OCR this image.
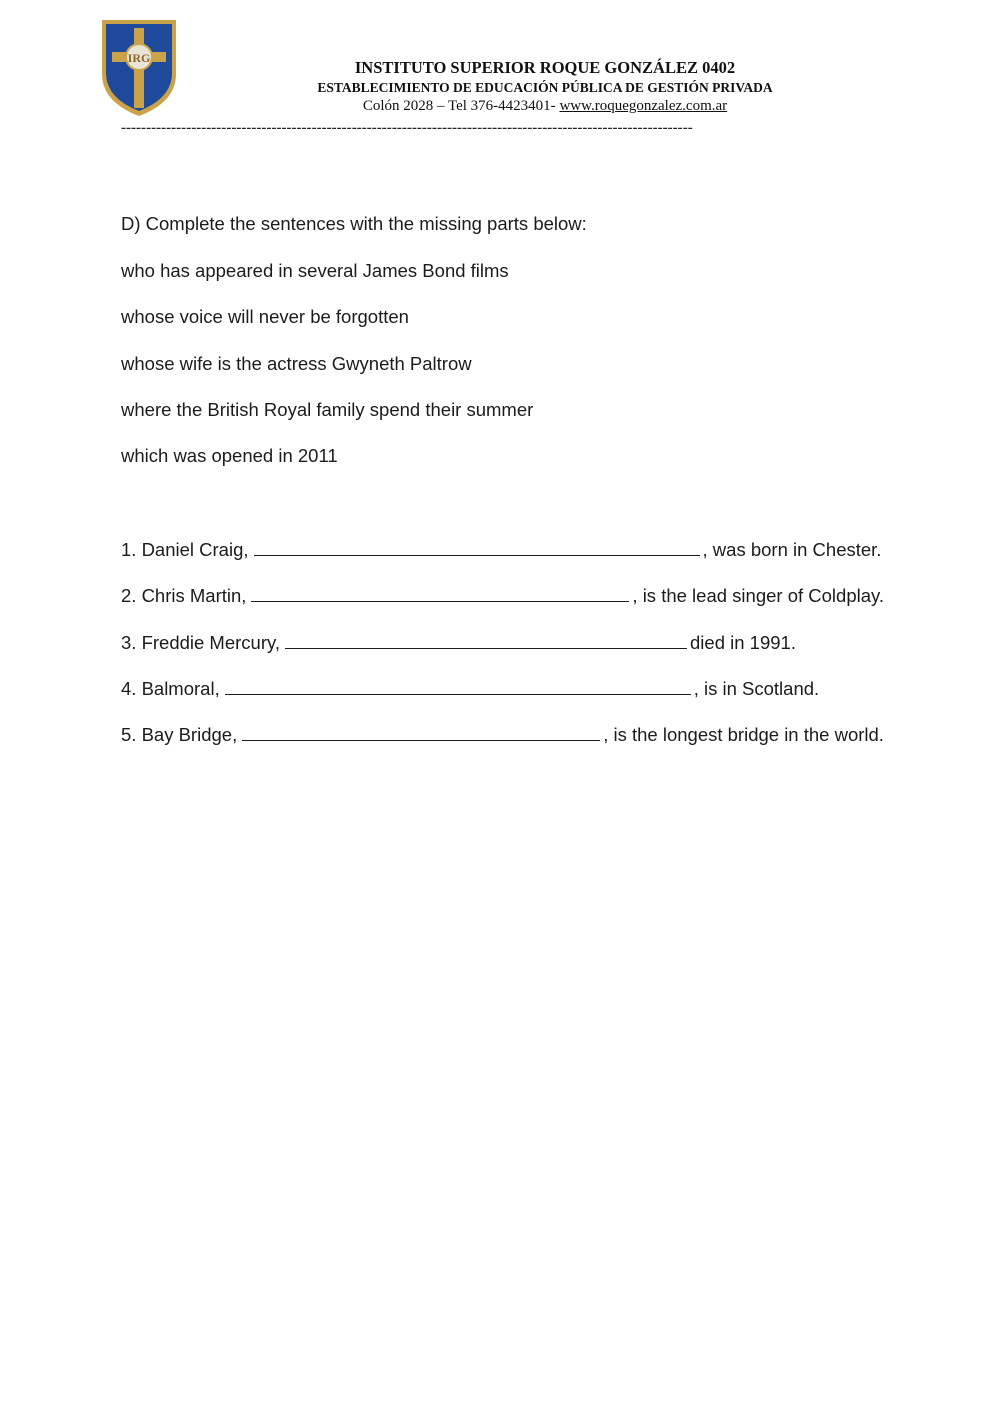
IRG	INSTITUTO SUPERIOR ROQUE GONZÁLEZ 0402
ESTABLECIMIENTO DE EDUCACIÓN PÚBLICA DE GESTIÓN PRIVADA
Colón 2028 – Tel 376-4423401- www.roquegonzalez.com.ar
------------------------------------------------------------------------------------------------------------------
D) Complete the sentences with the missing parts below:
who has appeared in several James Bond films
whose voice will never be forgotten
whose wife is the actress Gwyneth Paltrow
where the British Royal family spend their summer
which was opened in 2011
1. Daniel Craig,	, was born in Chester.
2. Chris Martin,	, is the lead singer of Coldplay.
3. Freddie Mercury,	died in 1991.
4. Balmoral,	, is in Scotland.
5. Bay Bridge,	, is the longest bridge in the world.
